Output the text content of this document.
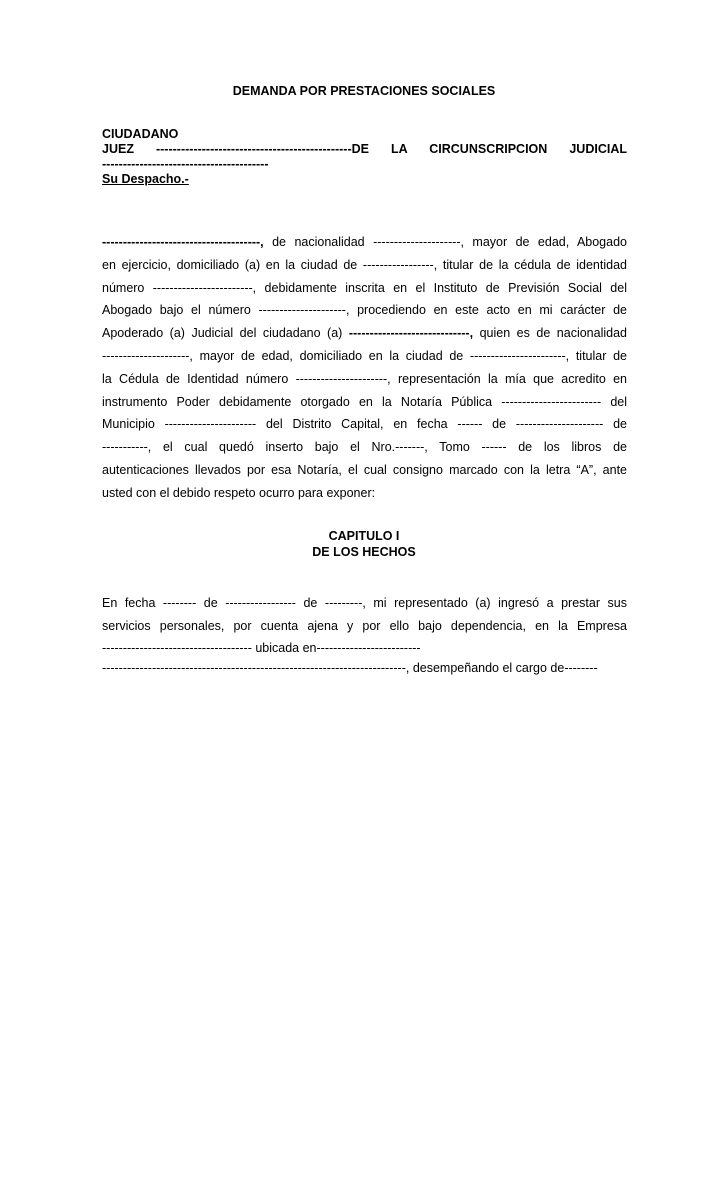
DEMANDA POR PRESTACIONES SOCIALES
CIUDADANO
JUEZ -----------------------------------------------DE LA CIRCUNSCRIPCION JUDICIAL
----------------------------------------
Su Despacho.-
--------------------------------------, de nacionalidad ---------------------, mayor de edad, Abogado
en ejercicio, domiciliado (a) en la ciudad de -----------------, titular de la cédula de identidad
número ------------------------, debidamente inscrita en el Instituto de Previsión Social del
Abogado bajo el número ---------------------, procediendo en este acto en mi carácter de
Apoderado (a) Judicial del ciudadano (a) -----------------------------, quien es de nacionalidad
---------------------, mayor de edad, domiciliado en la ciudad de -----------------------, titular de
la Cédula de Identidad número ----------------------, representación la mía que acredito en
instrumento Poder debidamente otorgado en la Notaría Pública ------------------------ del
Municipio ---------------------- del Distrito Capital, en fecha ------ de --------------------- de
-----------, el cual quedó inserto bajo el Nro.-------, Tomo ------ de los libros de
autenticaciones llevados por esa Notaría, el cual consigno marcado con la letra “A”, ante
usted con el debido respeto ocurro para exponer:
CAPITULO I
DE LOS HECHOS
En fecha -------- de ----------------- de ---------, mi representado (a) ingresó a prestar sus
servicios personales, por cuenta ajena y por ello bajo dependencia, en la Empresa
------------------------------------ ubicada en-------------------------
-------------------------------------------------------------------------, desempeñando el cargo de--------
